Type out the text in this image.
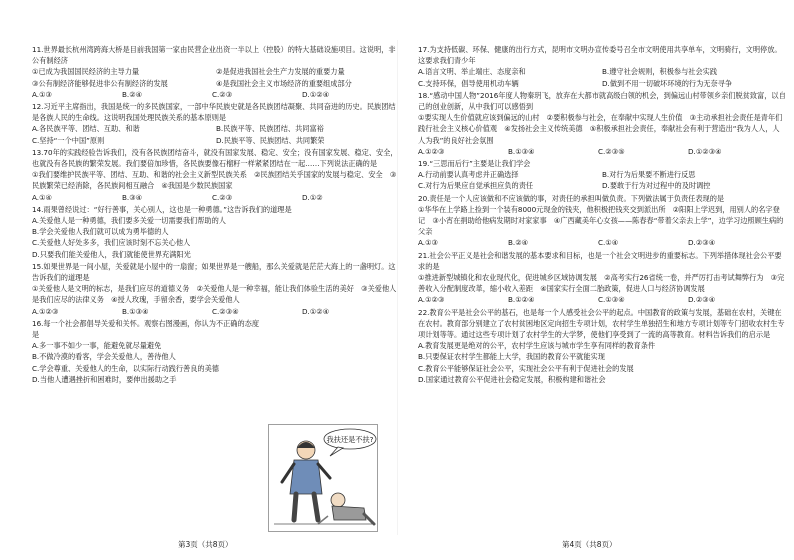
11.世界最长杭州湾跨海大桥是目前我国第一家由民营企业出资一半以上（控股）的特大基础设施项目。这说明，非公有制经济

①已成为我国国民经济的主导力量	②是促进我国社会生产力发展的重要力量
③公有制经济能够促进非公有制经济的发展	④是我国社会主义市场经济的重要组成部分
A.①③	B.②④	C.②③	D.①②④

12.习近平主席指出，我国是统一的多民族国家，一部中华民族史就是各民族团结凝聚、共同奋进的历史。民族团结是各族人民的生命线。这说明我国处理民族关系的基本原则是

A.各民族平等、团结、互助、和谐	B.民族平等、民族团结、共同富裕
C.坚持“一个中国”原则	D.民族平等、民族团结、共同繁荣

13.70年的实践经验告诉我们，没有各民族团结奋斗，就没有国家发展、稳定、安全；没有国家发展、稳定、安全，也就没有各民族的繁荣发展。我们要倍加珍惜，各民族要像石榴籽一样紧紧团结在一起……下列说法正确的是

①我们要维护民族平等、团结、互助、和谐的社会主义新型民族关系　②民族团结关乎国家的发展与稳定、安全　③民族繁荣已经消除，各民族间相互融合　④我国是少数民族国家

A.①④	B.③④	C.②③	D.①②

14.雨果曾经说过：“好行善事，关心别人，这也是一种勇德。”这告诉我们的道理是

A.关爱他人是一种勇德，我们要多关爱一切需要我们帮助的人
B.学会关爱他人我们就可以成为勇毕德的人
C.关爱他人好处多多，我们应该时刻不忘关心他人
D.只要我们能关爱他人，我们就能使世界充满阳光

15.如果世界是一间小屋，关爱就是小屋中的一扇窗；如果世界是一艘船，那么关爱就是茫茫大海上的一盏明灯。这告诉我们的道理是

①关爱他人是文明的标志，是我们应尽的道德义务　②关爱他人是一种幸福，能让我们体验生活的美好　③关爱他人是我们应尽的法律义务　④授人玫瑰，手留余香，要学会关爱他人

A.①②③	B.①③④	C.②③④	D.①②④

16.每一个社会都倡导关爱和关怀。观察右图漫画，你认为不正确的态度是

A.多一事不如少一事，能避免就尽量避免
B.不做冷漠的看客，学会关爱他人，善待他人
C.学会尊重、关爱他人的生命，以实际行动践行善良的美德
D.当他人遭遇挫折和困难时，要伸出援助之手
我扶还是不扶?
第3页（共8页）

17.为支持低碳、环保、健康的出行方式，昆明市文明办宣传委号召全市文明使用共享单车，文明骑行，文明停放。这要求我们青少年

A.语言文明、举止端庄、态度亲和	B.遵守社会规则，积极参与社会实践
C.支持环保，倡导使用机动车辆	D.做到不用一切破坏环境的行为无奈寻争

18.“感动中国人物”2016年度人物秦玥飞，放弃在大都市就高级白领的机会，到偏远山村带领乡亲们脱贫致富，以自己的创业创新，从中我们可以感悟到

①要实现人生价值就应该到偏远的山村　②要积极参与社会，在奉献中实现人生价值　③主动承担社会责任是青年们践行社会主义核心价值观　④发扬社会主义传统美德　⑤积极承担社会责任，奉献社会有利于营造出“我为人人，人人为我”的良好社会氛围

A.①②③	B.①③④	C.②③⑤	D.①②③④

19.“三思而后行”主要是让我们学会

A.行动前要认真考虑并正确选择	B.对行为后果要不断进行反思
C.对行为后果应自觉承担应负的责任	D.要敢于行为对过程中的及时调控

20.责任是一个人应该做和不应该做的事，对责任的承担叫做负责。下列做法属于负责任表现的是

①华华在上学路上捡到一个装有8000元现金的钱夹，他积极把钱夹交到派出所　②阳阳上学迟到，用别人的名字登记　③小宵在捐助给他病发期时对家家事　④广西藏美年心女孩——陈春春“带着父亲去上学”，边学习边照顾生病的父亲

A.①③	B.②④	C.①④	D.②③④

21.社会公平正义是社会和谐发展的基本要求和目标，也是一个社会文明进步的重要标志。下列举措体现社会公平要求的是

①推进新型城镇化和农业现代化，促进城乡区域协调发展　②高考实行26省统一卷，并严厉打击考试舞弊行为　③完善收入分配制度改革，缩小收入差距　④国家实行全面二胎政策，促进人口与经济协调发展

A.①②③	B.①②④	C.①③④	D.②③④

22.教育公平是社会公平的基石，也是每一个人感受社会公平的起点。中国教育的政策与发展，基础在农村，关键在在农村。教育部分别建立了农村贫困地区定向招生专项计划，农村学生单独招生和地方专项计划等专门招收农村生专项计划等等。通过这些专项计划了农村学生的大学梦，使他们享受到了一流的高等教育。材料告诉我们的启示是

A.教育发展更是绝对的公平，农村学生应该与城市学生享有同样的教育条件
B.只要保证农村学生都能上大学，我国的教育公平就能实现
C.教育公平能够保证社会公平，实现社会公平有利于促进社会的发展
D.国家通过教育公平促进社会稳定发展，积极构建和谐社会
第4页（共8页）
